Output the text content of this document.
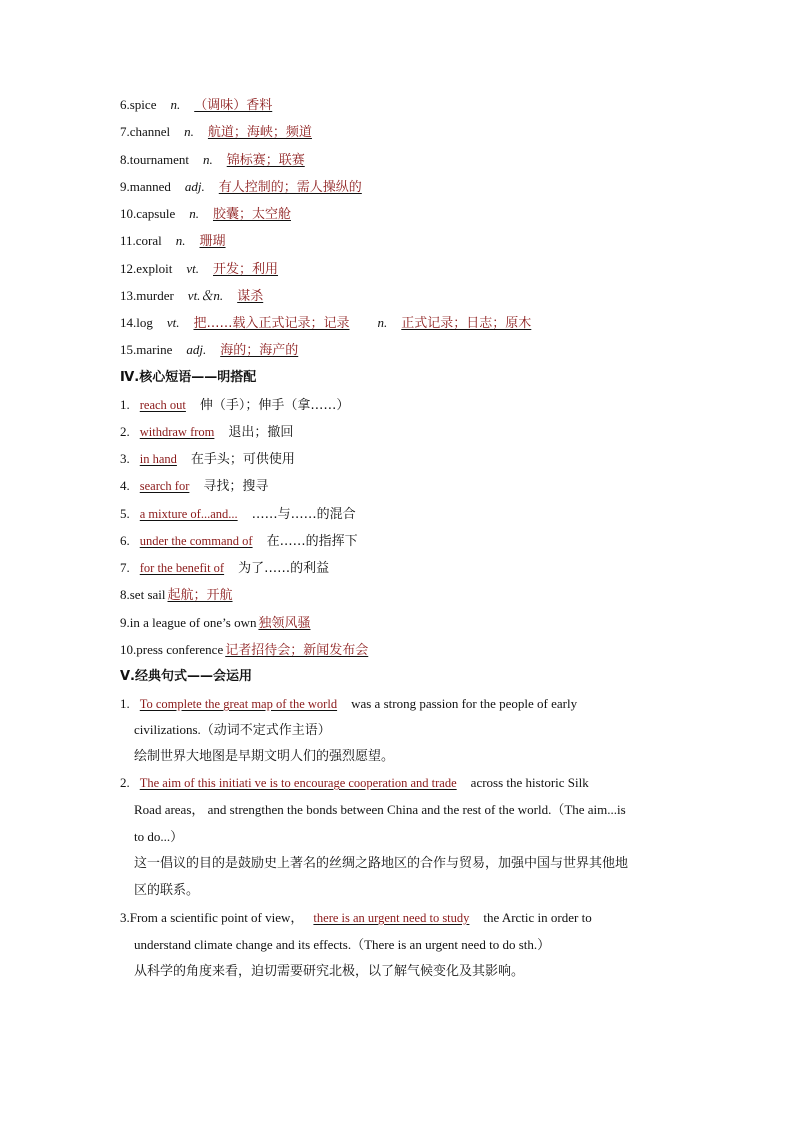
6.spice n. （调味）香料
7.channel n. 航道；海峡；频道
8.tournament n. 锦标赛；联赛
9.manned adj. 有人控制的；需人操纵的
10.capsule n. 胶囊；太空舱
11.coral n. 珊瑚
12.exploit vt. 开发；利用
13.murder vt.＆n. 谋杀
14.log vt. 把……载入正式记录；记录 n. 正式记录；日志；原木
15.marine adj. 海的；海产的
Ⅳ.核心短语——明搭配
1. reach out 伸（手）；伸手（拿……）
2. withdraw from 退出；撤回
3. in hand 在手头；可供使用
4. search for 寻找；搜寻
5. a mixture of...and... ……与……的混合
6. under the command of 在……的指挥下
7. for the benefit of 为了……的利益
8.set sail 起航；开航
9.in a league of one’s own 独领风骚
10.press conference 记者招待会；新闻发布会
Ⅴ.经典句式——会运用
1. To complete the great map of the world was a strong passion for the people of early
civilizations.（动词不定式作主语）
绘制世界大地图是早期文明人们的强烈愿望。
2. The aim of this initiati ve is to encourage cooperation and trade across the historic Silk
Road areas， and strengthen the bonds between China and the rest of the world.（The aim...is
to do...）
这一倡议的目的是鼓励史上著名的丝绸之路地区的合作与贸易，加强中国与世界其他地
区的联系。
3.From a scientific point of view， there is an urgent need to study the Arctic in order to
understand climate change and its effects.（There is an urgent need to do sth.）
从科学的角度来看，迫切需要研究北极，以了解气候变化及其影响。
